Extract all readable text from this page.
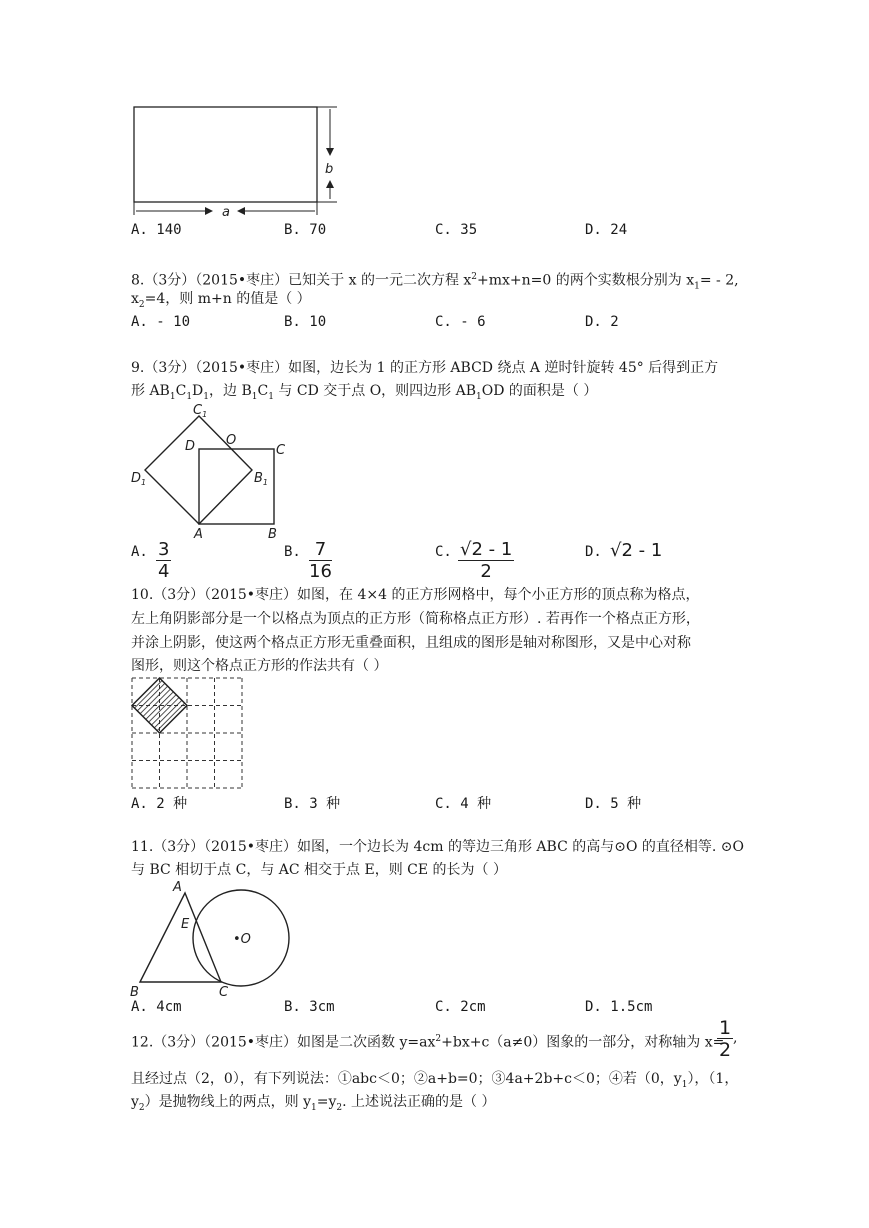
b
a
A. 140	B. 70	C. 35	D. 24
8.（3分）（2015•枣庄）已知关于 x 的一元二次方程 $x^2+mx+n=0$ 的两个实数根分别为 $x_1= - 2$,
$x_2=4$，则 m+n 的值是（ ）
A. - 10	B. 10	C. - 6	D. 2
9.（3分）（2015•枣庄）如图，边长为 1 的正方形 ABCD 绕点 A 逆时针旋转 45° 后得到正方
形 $AB_1C_1D_1$，边 $B_1C_1$ 与 CD 交于点 O，则四边形 $AB_1OD$ 的面积是（ ）
$C_1$
O
D	C
$D_1$	$B_1$
A	B
A. $\frac{3}{4}$	B. $\frac{7}{16}$	C. $\frac{√2 - 1}{2}$	D. √2 - 1
10.（3分）（2015•枣庄）如图，在 4×4 的正方形网格中，每个小正方形的顶点称为格点，
左上角阴影部分是一个以格点为顶点的正方形（简称格点正方形）. 若再作一个格点正方形，
并涂上阴影，使这两个格点正方形无重叠面积，且组成的图形是轴对称图形，又是中心对称
图形，则这个格点正方形的作法共有（ ）
A. 2 种	B. 3 种	C. 4 种	D. 5 种
11.（3分）（2015•枣庄）如图，一个边长为 4cm 的等边三角形 ABC 的高与⊙O 的直径相等. ⊙O
与 BC 相切于点 C，与 AC 相交于点 E，则 CE 的长为（ ）
A
E
•O
B	C
A. 4cm	B. 3cm	C. 2cm	D. 1.5cm
12.（3分）（2015•枣庄）如图是二次函数 $y=ax^2+bx+c(a\ne 0)$图象的一部分，对称轴为 x=
$\frac{1}{2}$ ,
且经过点（2，0），有下列说法：①abc＜0；②a+b=0；③4a+2b+c＜0；④若（0，$y_1$），（1，
$y_2$）是抛物线上的两点，则 $y_1=y_2$. 上述说法正确的是（ ）
